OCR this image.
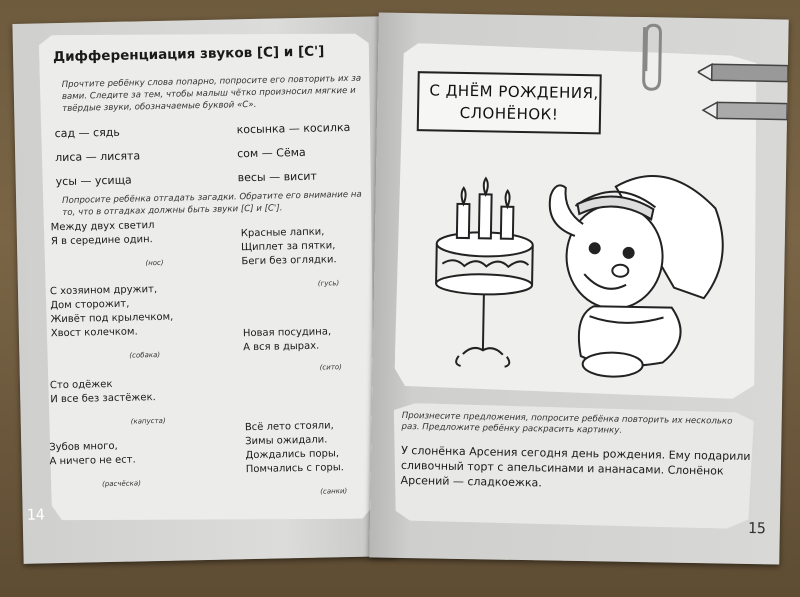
Дифференциация звуков [С] и [С']
Прочтите ребёнку слова попарно, попросите его повторить их за вами. Следите за тем, чтобы малыш чётко произносил мягкие и твёрдые звуки, обозначаемые буквой «С».
сад — сядь	косынка — косилка
лиса — лисята	сом — Сёма
усы — усища	весы — висит
Попросите ребёнка отгадать загадки. Обратите его внимание на то, что в отгадках должны быть звуки [С] и [С'].
Между двух светил
Я в середине один.
(нос)
Красные лапки,
Щиплет за пятки,
Беги без оглядки.
(гусь)
С хозяином дружит,
Дом сторожит,
Живёт под крылечком,
Хвост колечком.
(собака)
Новая посудина,
А вся в дырах.
(сито)
Сто одёжек
И все без застёжек.
(капуста)	Всё лето стояли,
Зимы ожидали.
Дождались поры,
Помчались с горы.
(санки)
Зубов много,
А ничего не ест.
(расчёска)
14
С ДНЁМ РОЖДЕНИЯ,
СЛОНЁНОК!
Произнесите предложения, попросите ребёнка повторить их несколько раз. Предложите ребёнку раскрасить картинку.
У слонёнка Арсения сегодня день рождения. Ему подарили сливочный торт с апельсинами и ананасами. Слонёнок Арсений — сладкоежка.
15
